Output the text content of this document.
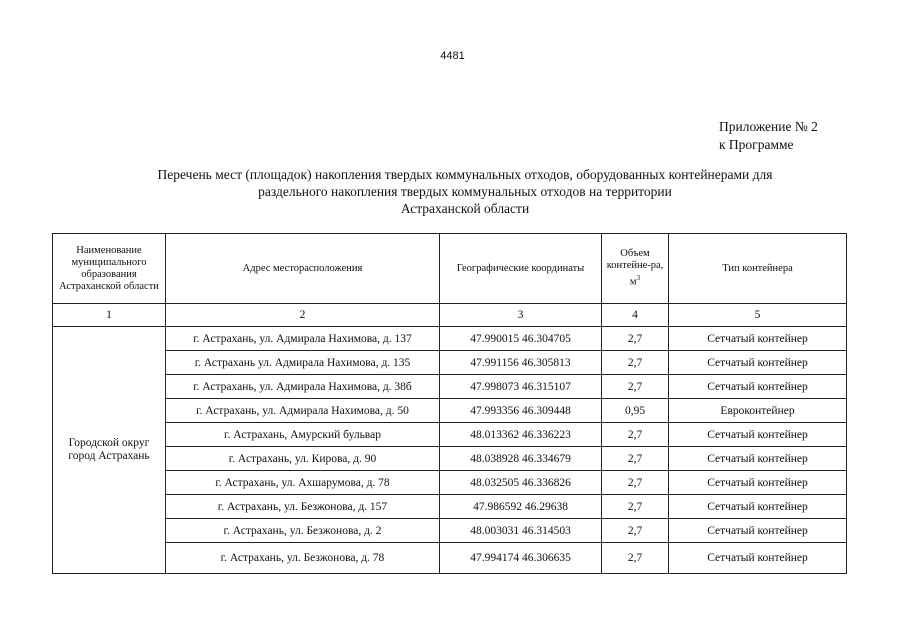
4481
Приложение № 2
к Программе
Перечень мест (площадок) накопления твердых коммунальных отходов, оборудованных контейнерами для
раздельного накопления твердых коммунальных отходов на территории
Астраханской области
Наименование муниципального образования Астраханской области	Адрес месторасположения	Географические координаты	Объем контейне-ра, $м^3$	Тип контейнера
1	2	3	4	5
Городской округ город Астрахань	г. Астрахань, ул. Адмирала Нахимова, д. 137	47.990015 46.304705	2,7	Сетчатый контейнер
	г. Астрахань ул. Адмирала Нахимова, д. 135	47.991156 46.305813	2,7	Сетчатый контейнер
	г. Астрахань, ул. Адмирала Нахимова, д. 38б	47.998073 46.315107	2,7	Сетчатый контейнер
	г. Астрахань, ул. Адмирала Нахимова, д. 50	47.993356 46.309448	0,95	Евроконтейнер
	г. Астрахань, Амурский бульвар	48.013362 46.336223	2,7	Сетчатый контейнер
	г. Астрахань, ул. Кирова, д. 90	48.038928 46.334679	2,7	Сетчатый контейнер
	г. Астрахань, ул. Ахшарумова, д. 78	48.032505 46.336826	2,7	Сетчатый контейнер
	г. Астрахань, ул. Безжонова, д. 157	47.986592 46.29638	2,7	Сетчатый контейнер
	г. Астрахань, ул. Безжонова, д. 2	48.003031 46.314503	2,7	Сетчатый контейнер
	г. Астрахань, ул. Безжонова, д. 78	47.994174 46.306635	2,7	Сетчатый контейнер
